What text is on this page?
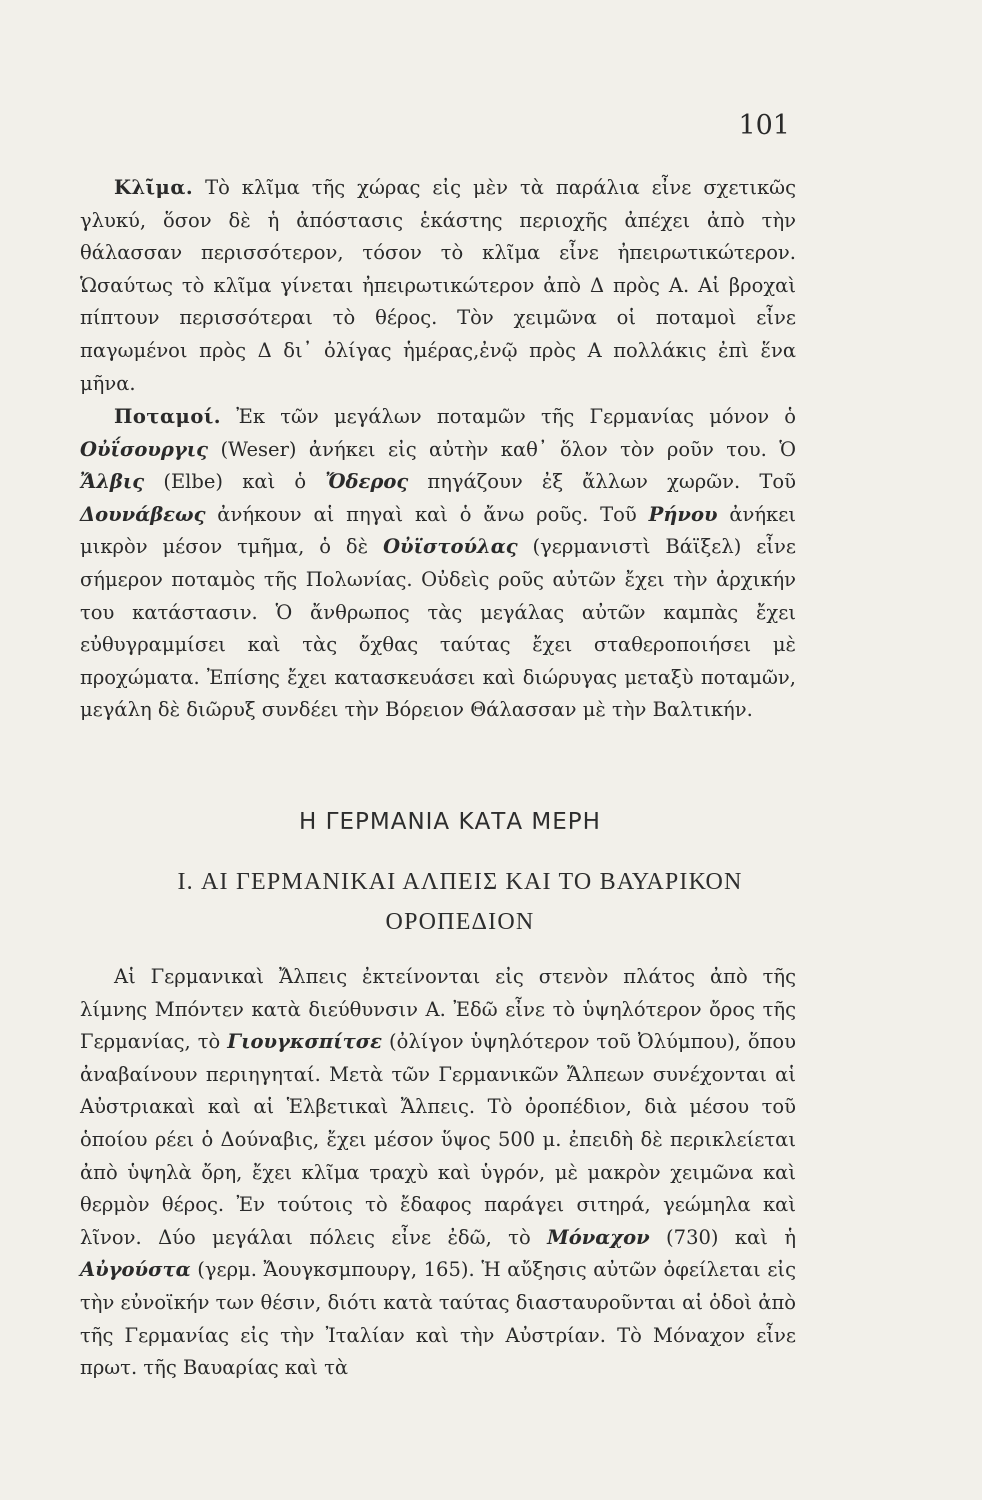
101

Κλῖμα. Τὸ κλῖμα τῆς χώρας εἰς μὲν τὰ παράλια εἶνε σχετικῶς γλυκύ, ὅσον δὲ ἡ ἀπόστασις ἑκάστης περιοχῆς ἀπέχει ἀπὸ τὴν θάλασσαν περισσότερον, τόσον τὸ κλῖμα εἶνε ἠπειρωτικώτερον. Ὡσαύτως τὸ κλῖμα γίνεται ἠπειρωτικώτερον ἀπὸ Δ πρὸς Α. Αἱ βροχαὶ πίπτουν περισσότεραι τὸ θέρος. Τὸν χειμῶνα οἱ ποταμοὶ εἶνε παγωμένοι πρὸς Δ δι᾽ ὀλίγας ἡμέρας,ἐνῷ πρὸς Α πολλάκις ἐπὶ ἕνα μῆνα.

Ποταμοί. Ἐκ τῶν μεγάλων ποταμῶν τῆς Γερμανίας μόνον ὁ Οὐΐσουργις (Weser) ἀνήκει εἰς αὐτὴν καθ᾽ ὅλον τὸν ροῦν του. Ὁ Ἄλβις (Elbe) καὶ ὁ Ὄδερος πηγάζουν ἐξ ἄλλων χωρῶν. Τοῦ Δουνάβεως ἀνήκουν αἱ πηγαὶ καὶ ὁ ἄνω ροῦς. Τοῦ Ρήνου ἀνήκει μικρὸν μέσον τμῆμα, ὁ δὲ Οὐϊστούλας (γερμανιστὶ Βάϊξελ) εἶνε σήμερον ποταμὸς τῆς Πολωνίας. Οὐδεὶς ροῦς αὐτῶν ἔχει τὴν ἀρχικήν του κατάστασιν. Ὁ ἄνθρωπος τὰς μεγάλας αὐτῶν καμπὰς ἔχει εὐθυγραμμίσει καὶ τὰς ὄχθας ταύτας ἔχει σταθεροποιήσει μὲ προχώματα. Ἐπίσης ἔχει κατασκευάσει καὶ διώρυγας μεταξὺ ποταμῶν, μεγάλη δὲ διῶρυξ συνδέει τὴν Βόρειον Θάλασσαν μὲ τὴν Βαλτικήν.

Η ΓΕΡΜΑΝΙΑ ΚΑΤΑ ΜΕΡΗ
I. ΑΙ ΓΕΡΜΑΝΙΚΑΙ ΑΛΠΕΙΣ ΚΑΙ ΤΟ ΒΑΥΑΡΙΚΟΝ
ΟΡΟΠΕΔΙΟΝ

Αἱ Γερμανικαὶ Ἄλπεις ἐκτείνονται εἰς στενὸν πλάτος ἀπὸ τῆς λίμνης Μπόντεν κατὰ διεύθυνσιν Α. Ἐδῶ εἶνε τὸ ὑψηλότερον ὄρος τῆς Γερμανίας, τὸ Γιουγκσπίτσε (ὀλίγον ὑψηλότερον τοῦ Ὀλύμπου), ὅπου ἀναβαίνουν περιηγηταί. Μετὰ τῶν Γερμανικῶν Ἄλπεων συνέχονται αἱ Αὐστριακαὶ καὶ αἱ Ἑλβετικαὶ Ἄλπεις. Τὸ ὀροπέδιον, διὰ μέσου τοῦ ὁποίου ρέει ὁ Δούναβις, ἔχει μέσον ὕψος 500 μ. ἐπειδὴ δὲ περικλείεται ἀπὸ ὑψηλὰ ὄρη, ἔχει κλῖμα τραχὺ καὶ ὑγρόν, μὲ μακρὸν χειμῶνα καὶ θερμὸν θέρος. Ἐν τούτοις τὸ ἔδαφος παράγει σιτηρά, γεώμηλα καὶ λῖνον. Δύο μεγάλαι πόλεις εἶνε ἐδῶ, τὸ Μόναχον (730) καὶ ἡ Αὐγούστα (γερμ. Ἄουγκσμπουργ, 165). Ἡ αὔξησις αὐτῶν ὀφείλεται εἰς τὴν εὐνοϊκήν των θέσιν, διότι κατὰ ταύτας διασταυροῦνται αἱ ὁδοὶ ἀπὸ τῆς Γερμανίας εἰς τὴν Ἰταλίαν καὶ τὴν Αὐστρίαν. Τὸ Μόναχον εἶνε πρωτ. τῆς Βαυαρίας καὶ τὰ
